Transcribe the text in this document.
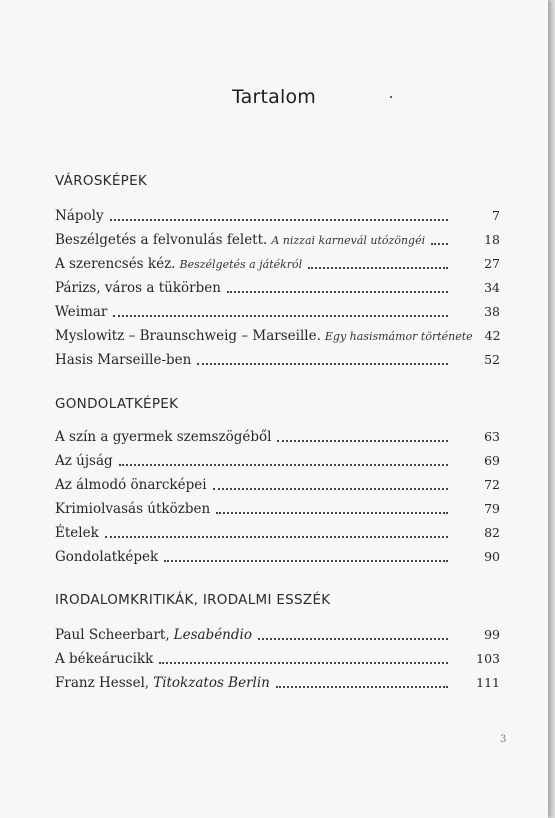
Tartalom
VÁROSKÉPEK
Nápoly	7
Beszélgetés a felvonulás felett. A nizzai karnevál utózöngéi	18
A szerencsés kéz. Beszélgetés a játékról	27
Párizs, város a tükörben	34
Weimar	38
Myslowitz – Braunschweig – Marseille. Egy hasismámor története 42
Hasis Marseille-ben	52
GONDOLATKÉPEK
A szín a gyermek szemszögéből	63
Az újság	69
Az álmodó önarcképei	72
Krimiolvasás útközben	79
Ételek	82
Gondolatképek	90
IRODALOMKRITIKÁK, IRODALMI ESSZÉK
Paul Scheerbart, Lesabéndio	99
A békeárucikk	103
Franz Hessel, Titokzatos Berlin	111
3
